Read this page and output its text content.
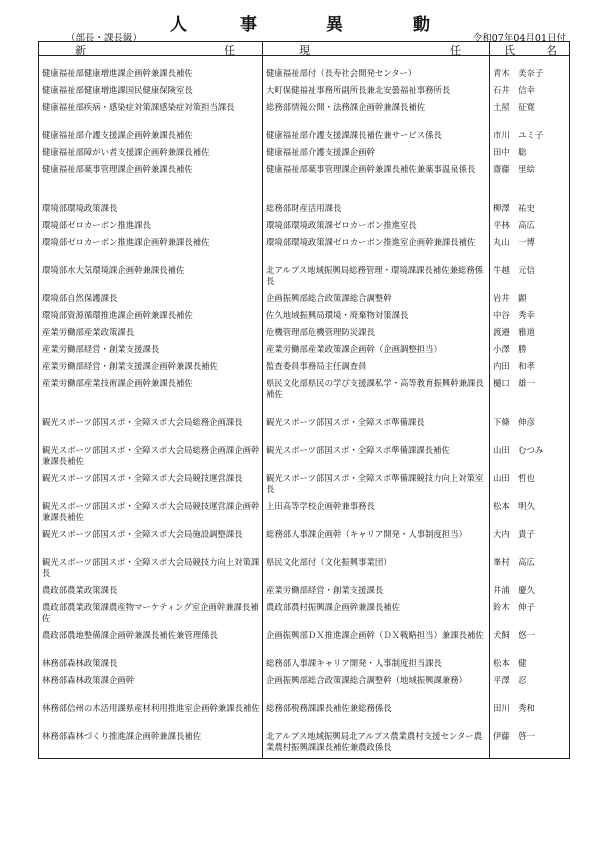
人	事	異	動
（部長・課長級）	令和07年04月01日付
新 任	現 任	氏 名

健康福祉部健康増進課企画幹兼課長補佐	健康福祉部付（長寿社会開発センター）	青木　美奈子
健康福祉部健康増進課国民健康保険室長	大町保健福祉事務所副所長兼北安曇福祉事務所長	石井　信幸
健康福祉部疾病・感染症対策課感染症対策担当課長	総務部情報公開・法務課企画幹兼課長補佐	土屋　征寛
健康福祉部介護支援課企画幹兼課長補佐	健康福祉部介護支援課課長補佐兼サービス係長	市川　ユミ子
健康福祉部障がい者支援課企画幹兼課長補佐	健康福祉部介護支援課企画幹	田中　聡
健康福祉部薬事管理課企画幹兼課長補佐	健康福祉部薬事管理課企画幹兼課長補佐兼薬事温泉係長	齋藤　里絵

環境部環境政策課長	総務部財産活用課長	柳澤　祐史
環境部ゼロカーボン推進課長	環境部環境政策課ゼロカーボン推進室長	平林　高広
環境部ゼロカーボン推進課企画幹兼課長補佐	環境部環境政策課ゼロカーボン推進室企画幹兼課長補佐	丸山　一博
環境部水大気環境課企画幹兼課長補佐	北アルプス地域振興局総務管理・環境課課長補佐兼総務係長	牛越　元信
環境部自然保護課長	企画振興部総合政策課総合調整幹	岩井　顕
環境部資源循環推進課企画幹兼課長補佐	佐久地域振興局環境・廃棄物対策課長	中谷　秀幸
産業労働部産業政策課長	危機管理部危機管理防災課長	渡邉　雅道
産業労働部経営・創業支援課長	産業労働部産業政策課企画幹（企画調整担当）	小澤　勝
産業労働部経営・創業支援課企画幹兼課長補佐	監査委員事務局主任調査員	内田　和孝
産業労働部産業技術課企画幹兼課長補佐	県民文化部県民の学び支援課私学・高等教育振興幹兼課長補佐	樋口　雄一

観光スポーツ部国スポ・全障スポ大会局総務企画課長	観光スポーツ部国スポ・全障スポ準備課長	下條　伸彦
観光スポーツ部国スポ・全障スポ大会局総務企画課企画幹兼課長補佐	観光スポーツ部国スポ・全障スポ準備課課長補佐	山田　むつみ
観光スポーツ部国スポ・全障スポ大会局競技運営課長	観光スポーツ部国スポ・全障スポ準備課競技力向上対策室長	山田　哲也
観光スポーツ部国スポ・全障スポ大会局競技運営課企画幹兼課長補佐	上田高等学校企画幹兼事務長	松本　明久
観光スポーツ部国スポ・全障スポ大会局施設調整課長	総務部人事課企画幹（キャリア開発・人事制度担当）	大内　貴子
観光スポーツ部国スポ・全障スポ大会局競技力向上対策課長	県民文化部付（文化振興事業団）	峯村　高広
農政部農業政策課長	産業労働部経営・創業支援課長	井浦　慶久
農政部農業政策課農産物マーケティング室企画幹兼課長補佐	農政部農村振興課企画幹兼課長補佐	鈴木　伸子
農政部農地整備課企画幹兼課長補佐兼管理係長	企画振興部ＤＸ推進課企画幹（ＤＸ戦略担当）兼課長補佐	犬飼　悠一
林務部森林政策課長	総務部人事課キャリア開発・人事制度担当課長	松本　健
林務部森林政策課企画幹	企画振興部総合政策課総合調整幹（地域振興課兼務）	平澤　忍
林務部信州の木活用課県産材利用推進室企画幹兼課長補佐	総務部税務課課長補佐兼総務係長	田川　秀和
林務部森林づくり推進課企画幹兼課長補佐	北アルプス地域振興局北アルプス農業農村支援センター農業農村振興課課長補佐兼農政係長	伊藤　啓一
